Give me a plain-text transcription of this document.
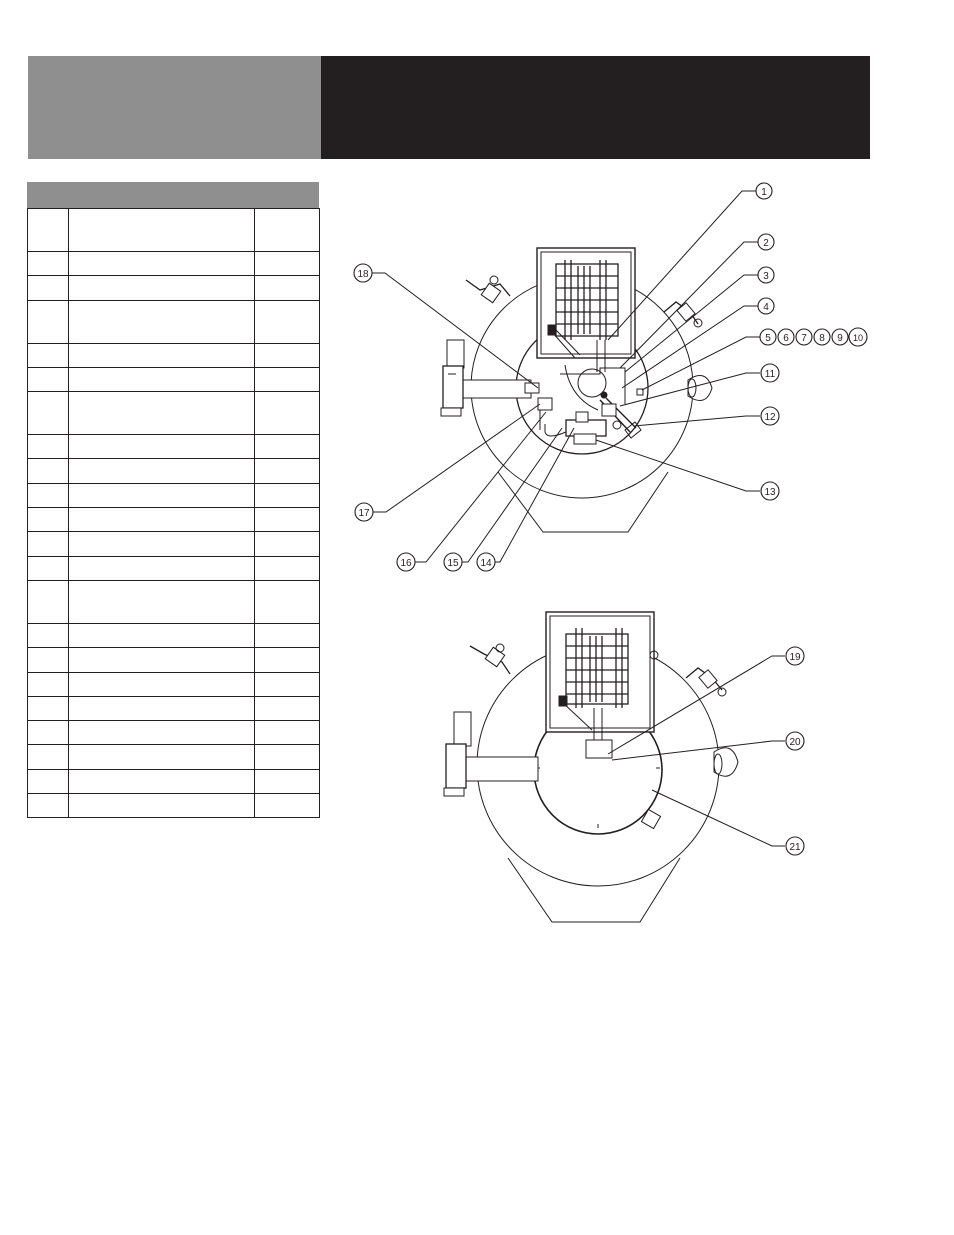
1
2
3
4
5 6 7 8 9 10
11
12
13
14
15
16
17
18
19
20
21
